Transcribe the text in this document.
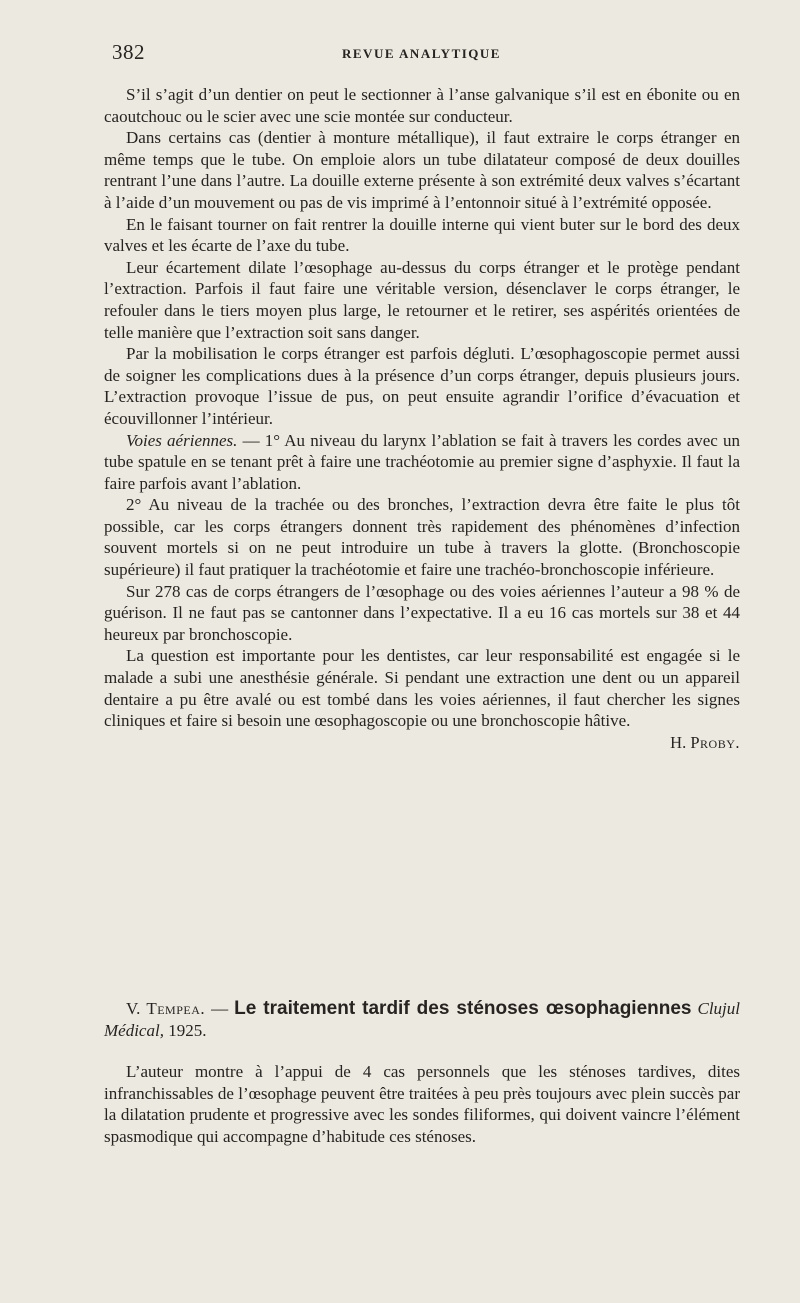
382	REVUE ANALYTIQUE

S’il s’agit d’un dentier on peut le sectionner à l’anse galvanique s’il est en ébonite ou en caoutchouc ou le scier avec une scie montée sur conducteur.

Dans certains cas (dentier à monture métallique), il faut extraire le corps étranger en même temps que le tube. On emploie alors un tube dilatateur composé de deux douilles rentrant l’une dans l’autre. La douille externe présente à son extrémité deux valves s’écartant à l’aide d’un mouvement ou pas de vis imprimé à l’entonnoir situé à l’extrémité opposée.

En le faisant tourner on fait rentrer la douille interne qui vient buter sur le bord des deux valves et les écarte de l’axe du tube.

Leur écartement dilate l’œsophage au-dessus du corps étranger et le protège pendant l’extraction. Parfois il faut faire une véritable version, désenclaver le corps étranger, le refouler dans le tiers moyen plus large, le retourner et le retirer, ses aspérités orientées de telle manière que l’extraction soit sans danger.

Par la mobilisation le corps étranger est parfois dégluti. L’œsophagoscopie permet aussi de soigner les complications dues à la présence d’un corps étranger, depuis plusieurs jours. L’extraction provoque l’issue de pus, on peut ensuite agrandir l’orifice d’évacuation et écouvillonner l’intérieur.

Voies aériennes. — 1° Au niveau du larynx l’ablation se fait à travers les cordes avec un tube spatule en se tenant prêt à faire une trachéotomie au premier signe d’asphyxie. Il faut la faire parfois avant l’ablation.

2° Au niveau de la trachée ou des bronches, l’extraction devra être faite le plus tôt possible, car les corps étrangers donnent très rapidement des phénomènes d’infection souvent mortels si on ne peut introduire un tube à travers la glotte. (Bronchoscopie supérieure) il faut pratiquer la trachéotomie et faire une trachéo-bronchoscopie inférieure.

Sur 278 cas de corps étrangers de l’œsophage ou des voies aériennes l’auteur a 98 % de guérison. Il ne faut pas se cantonner dans l’expectative. Il a eu 16 cas mortels sur 38 et 44 heureux par bronchoscopie.

La question est importante pour les dentistes, car leur responsabilité est engagée si le malade a subi une anesthésie générale. Si pendant une extraction une dent ou un appareil dentaire a pu être avalé ou est tombé dans les voies aériennes, il faut chercher les signes cliniques et faire si besoin une œsophagoscopie ou une bronchoscopie hâtive.

H. Proby.

V. Tempea. — Le traitement tardif des sténoses œsophagiennes Clujul Médical, 1925.

L’auteur montre à l’appui de 4 cas personnels que les sténoses tardives, dites infranchissables de l’œsophage peuvent être traitées à peu près toujours avec plein succès par la dilatation prudente et progressive avec les sondes filiformes, qui doivent vaincre l’élément spasmodique qui accompagne d’habitude ces sténoses.
